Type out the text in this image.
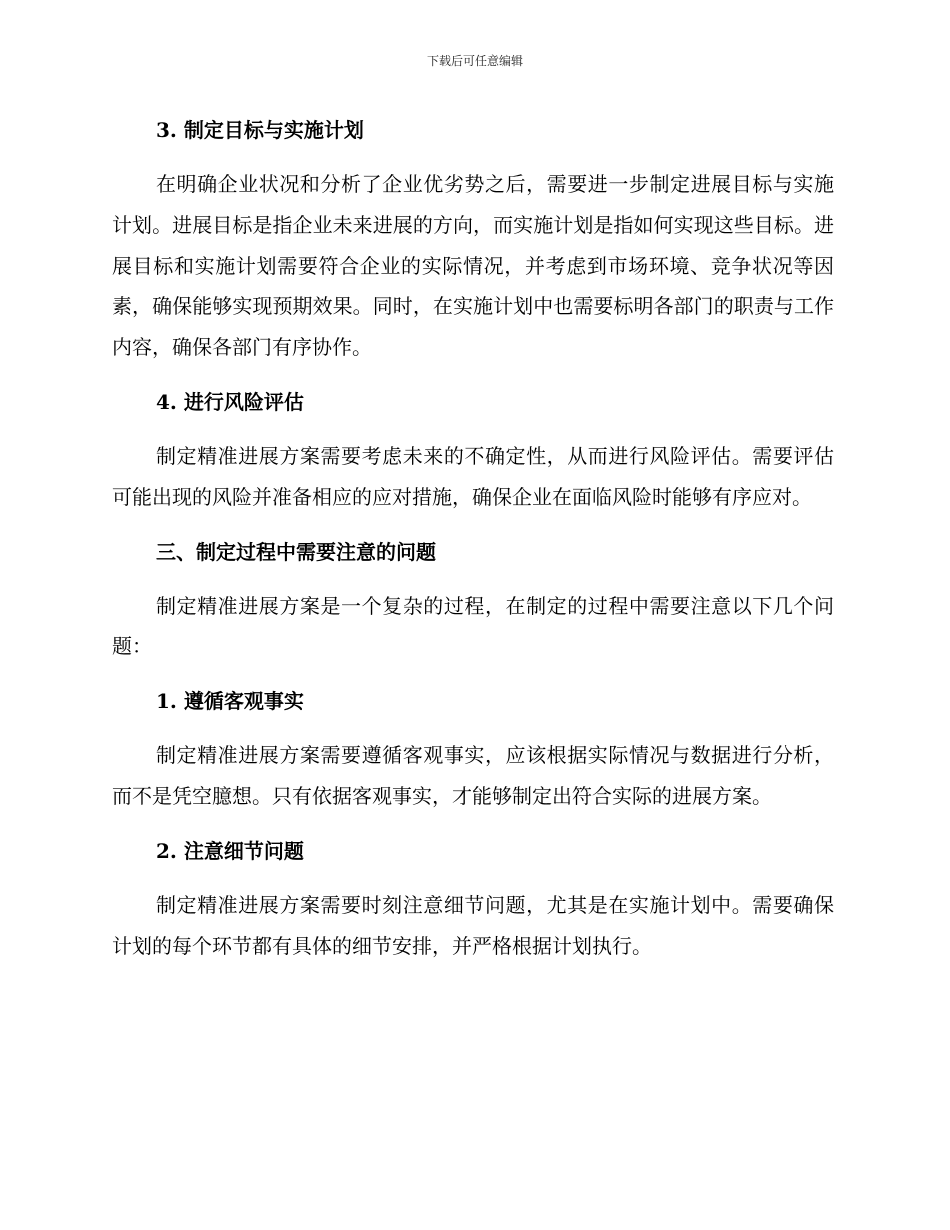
下载后可任意编辑
3. 制定目标与实施计划

在明确企业状况和分析了企业优劣势之后，需要进一步制定进展目标与实施计划。进展目标是指企业未来进展的方向，而实施计划是指如何实现这些目标。进展目标和实施计划需要符合企业的实际情况，并考虑到市场环境、竞争状况等因素，确保能够实现预期效果。同时，在实施计划中也需要标明各部门的职责与工作内容，确保各部门有序协作。

4. 进行风险评估

制定精准进展方案需要考虑未来的不确定性，从而进行风险评估。需要评估可能出现的风险并准备相应的应对措施，确保企业在面临风险时能够有序应对。

三、制定过程中需要注意的问题

制定精准进展方案是一个复杂的过程，在制定的过程中需要注意以下几个问题：

1. 遵循客观事实

制定精准进展方案需要遵循客观事实，应该根据实际情况与数据进行分析，而不是凭空臆想。只有依据客观事实，才能够制定出符合实际的进展方案。

2. 注意细节问题

制定精准进展方案需要时刻注意细节问题，尤其是在实施计划中。需要确保计划的每个环节都有具体的细节安排，并严格根据计划执行。
